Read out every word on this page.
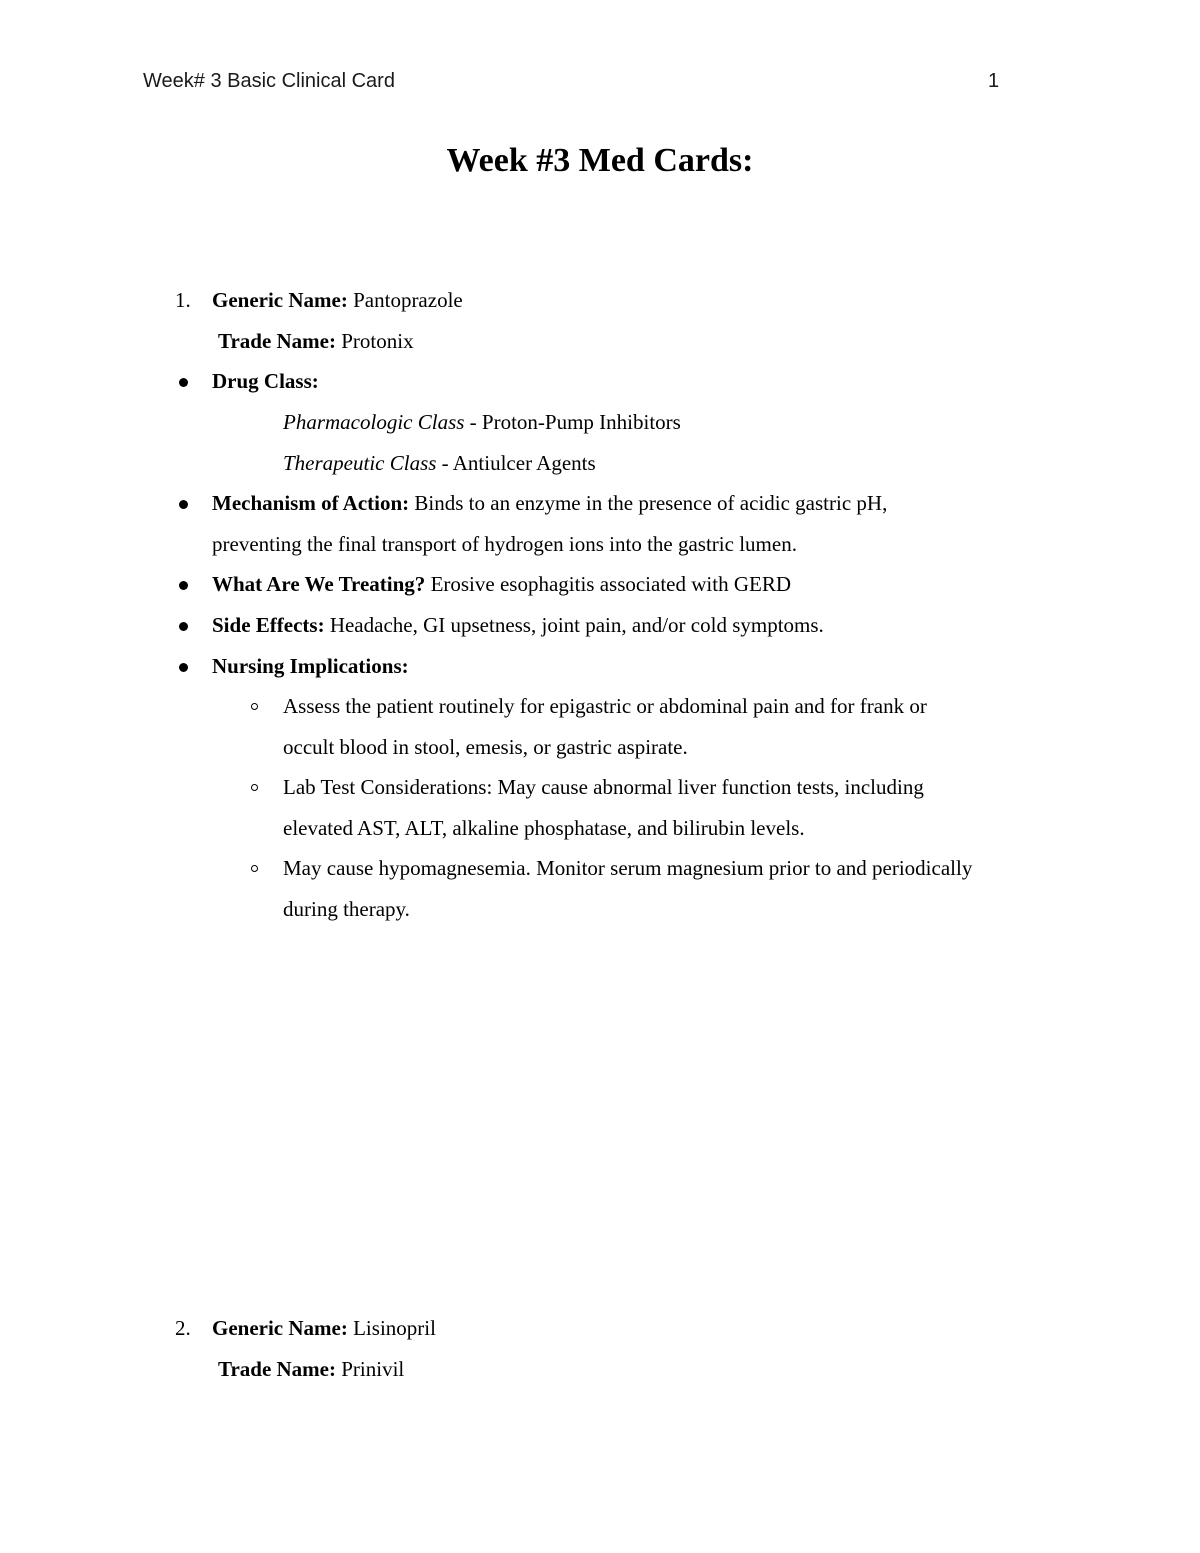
Week# 3 Basic Clinical Card	1
Week #3 Med Cards:
1. Generic Name: Pantoprazole
Trade Name: Protonix
Drug Class:
Pharmacologic Class - Proton-Pump Inhibitors
Therapeutic Class - Antiulcer Agents
Mechanism of Action: Binds to an enzyme in the presence of acidic gastric pH,
preventing the final transport of hydrogen ions into the gastric lumen.
What Are We Treating? Erosive esophagitis associated with GERD
Side Effects: Headache, GI upsetness, joint pain, and/or cold symptoms.
Nursing Implications:
Assess the patient routinely for epigastric or abdominal pain and for frank or
occult blood in stool, emesis, or gastric aspirate.
Lab Test Considerations: May cause abnormal liver function tests, including
elevated AST, ALT, alkaline phosphatase, and bilirubin levels.
May cause hypomagnesemia. Monitor serum magnesium prior to and periodically
during therapy.
2. Generic Name: Lisinopril
Trade Name: Prinivil
